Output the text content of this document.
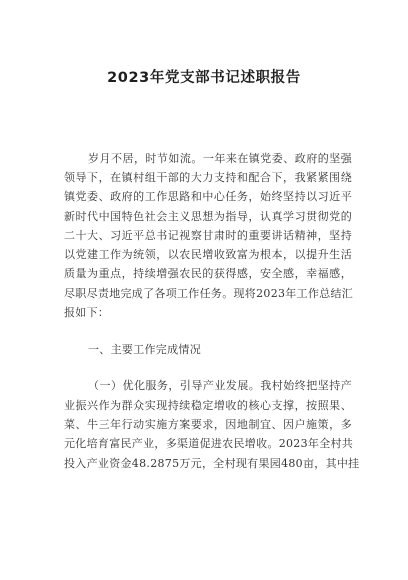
2023年党支部书记述职报告
岁月不居，时节如流。一年来在镇党委、政府的坚强
领导下，在镇村组干部的大力支持和配合下，我紧紧围绕
镇党委、政府的工作思路和中心任务，始终坚持以习近平
新时代中国特色社会主义思想为指导，认真学习贯彻党的
二十大、习近平总书记视察甘肃时的重要讲话精神，坚持
以党建工作为统领，以农民增收致富为根本，以提升生活
质量为重点，持续增强农民的获得感，安全感，幸福感，
尽职尽责地完成了各项工作任务。现将2023年工作总结汇
报如下：
一、主要工作完成情况
（一）优化服务，引导产业发展。我村始终把坚持产
业振兴作为群众实现持续稳定增收的核心支撑，按照果、
菜、牛三年行动实施方案要求，因地制宜、因户施策，多
元化培育富民产业，多渠道促进农民增收。2023年全村共
投入产业资金48.2875万元，全村现有果园480亩，其中挂
